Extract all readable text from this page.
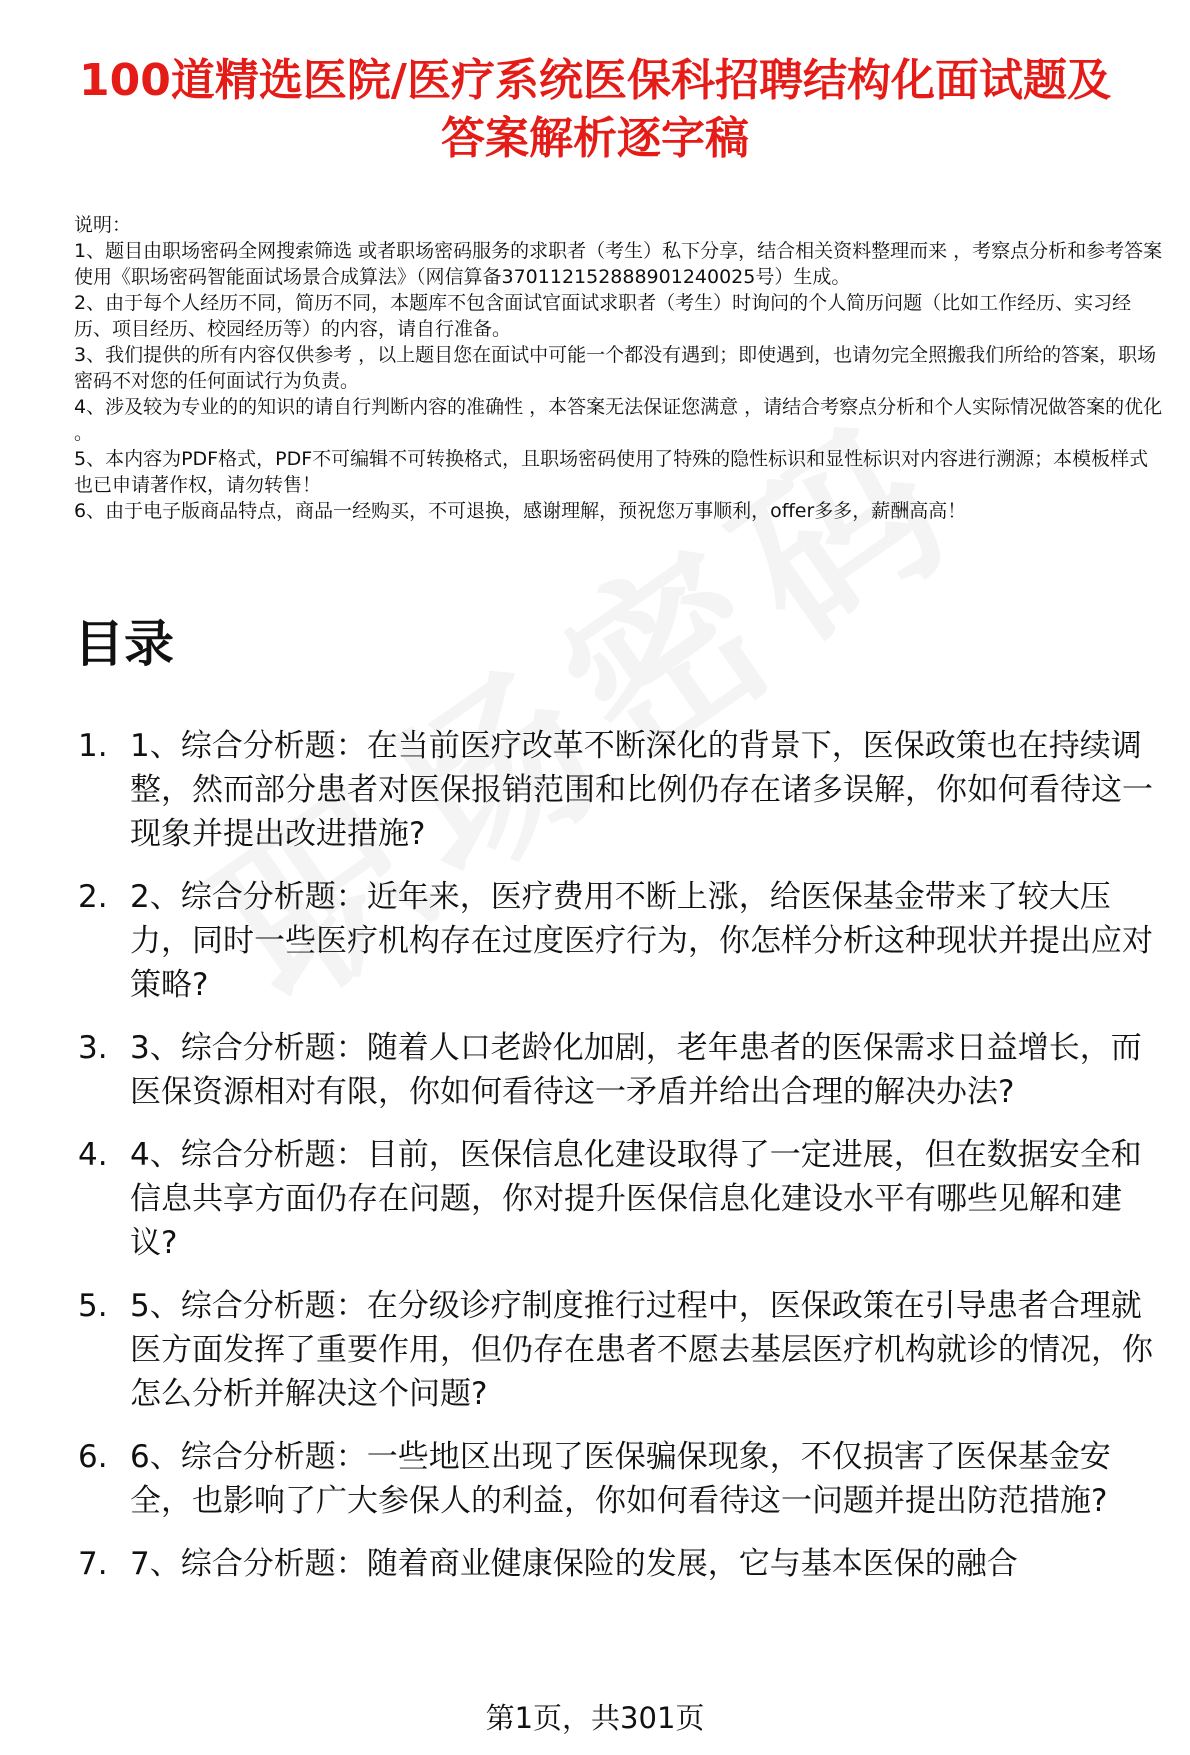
100道精选医院/医疗系统医保科招聘结构化面试题及答案解析逐字稿

说明：

1、题目由职场密码全网搜索筛选 或者职场密码服务的求职者（考生）私下分享，结合相关资料整理而来 ，考察点分析和参考答案使用《职场密码智能面试场景合成算法》（网信算备370112152888901240025号）生成。

2、由于每个人经历不同，简历不同，本题库不包含面试官面试求职者（考生）时询问的个人简历问题（比如工作经历、实习经历、项目经历、校园经历等）的内容，请自行准备。

3、我们提供的所有内容仅供参考 ，以上题目您在面试中可能一个都没有遇到；即使遇到，也请勿完全照搬我们所给的答案，职场密码不对您的任何面试行为负责。

4、涉及较为专业的的知识的请自行判断内容的准确性 ，本答案无法保证您满意 ，请结合考察点分析和个人实际情况做答案的优化 。

5、本内容为PDF格式，PDF不可编辑不可转换格式，且职场密码使用了特殊的隐性标识和显性标识对内容进行溯源；本模板样式也已申请著作权，请勿转售！

6、由于电子版商品特点，商品一经购买，不可退换，感谢理解，预祝您万事顺利，offer多多，薪酬高高！

目录
1. 1、综合分析题：在当前医疗改革不断深化的背景下，医保政策也在持续调整，然而部分患者对医保报销范围和比例仍存在诸多误解，你如何看待这一现象并提出改进措施?
2. 2、综合分析题：近年来，医疗费用不断上涨，给医保基金带来了较大压力，同时一些医疗机构存在过度医疗行为，你怎样分析这种现状并提出应对策略?
3. 3、综合分析题：随着人口老龄化加剧，老年患者的医保需求日益增长，而医保资源相对有限，你如何看待这一矛盾并给出合理的解决办法?
4. 4、综合分析题：目前，医保信息化建设取得了一定进展，但在数据安全和信息共享方面仍存在问题，你对提升医保信息化建设水平有哪些见解和建议?
5. 5、综合分析题：在分级诊疗制度推行过程中，医保政策在引导患者合理就医方面发挥了重要作用，但仍存在患者不愿去基层医疗机构就诊的情况，你怎么分析并解决这个问题?
6. 6、综合分析题：一些地区出现了医保骗保现象，不仅损害了医保基金安全，也影响了广大参保人的利益，你如何看待这一问题并提出防范措施?
7. 7、综合分析题：随着商业健康保险的发展，它与基本医保的融合
第1页，共301页
